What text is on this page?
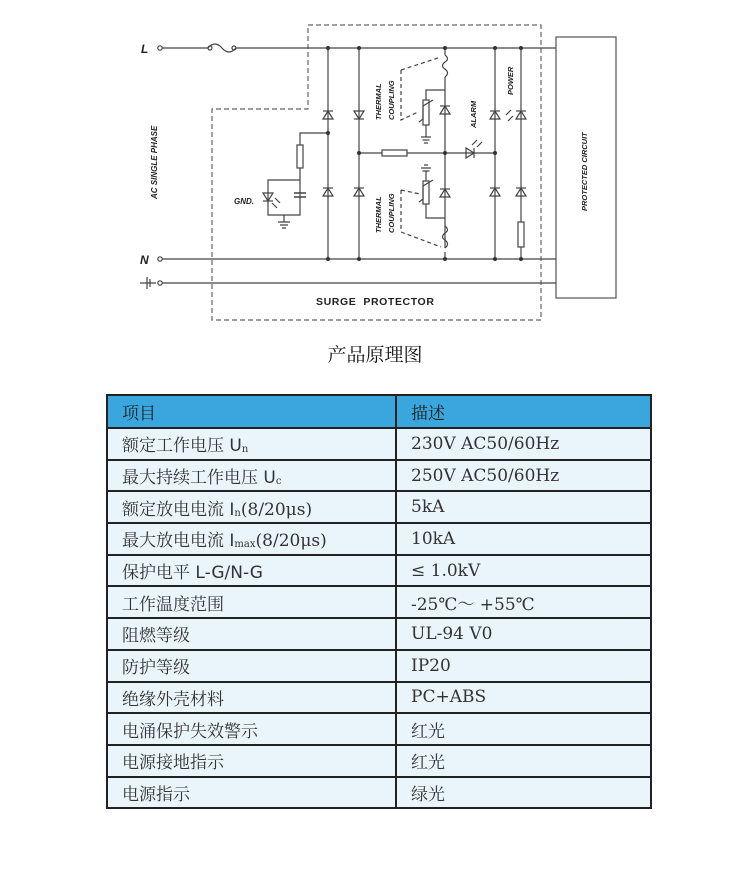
L
N
AC SINGLE PHASE
GND.
THERMAL COUPLING
THERMAL COUPLING
ALARM
POWER
PROTECTED CIRCUIT
SURGE  PROTECTOR
产品原理图
项目	描述
额定工作电压 $U_n$	230V AC50/60Hz
最大持续工作电压 $U_c$	250V AC50/60Hz
额定放电电流 $I_n(8/20\mu s)$	5kA
最大放电电流 $I_{max}(8/20\mu s)$	10kA
保护电平 L-G/N-G	≤ 1.0kV
工作温度范围	-25℃～ +55℃
阻燃等级	UL-94 V0
防护等级	IP20
绝缘外壳材料	PC+ABS
电涌保护失效警示	红光
电源接地指示	红光
电源指示	绿光
